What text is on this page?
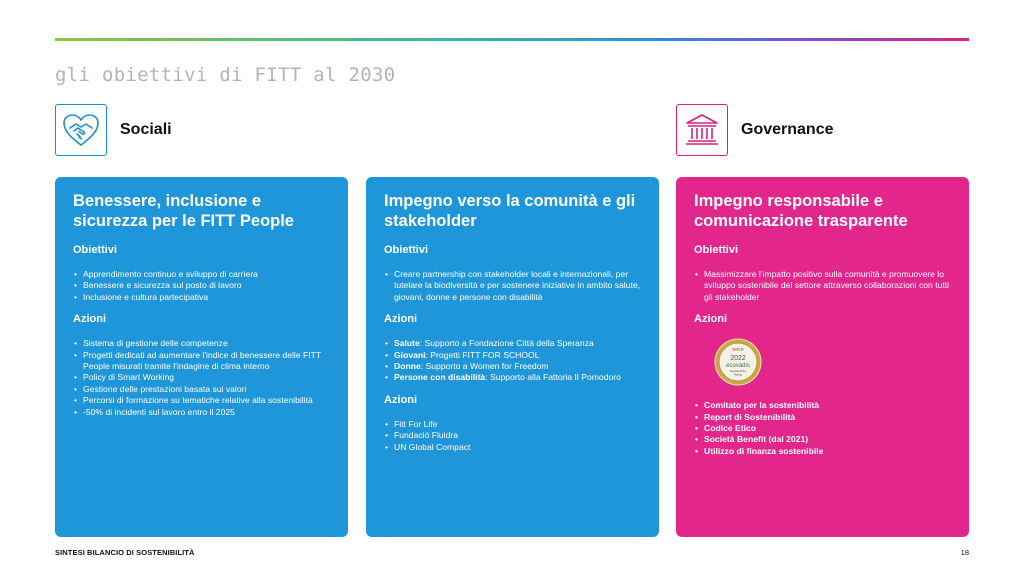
gli obiettivi di FITT al 2030
Sociali	Governance
Benessere, inclusione e sicurezza per le FITT People
Obiettivi
• Apprendimento continuo e sviluppo di carriera
• Benessere e sicurezza sul posto di lavoro
• Inclusione e cultura partecipativa
Azioni
• Sistema di gestione delle competenze
• Progetti dedicati ad aumentare l'indice di benessere delle FITT People misurati tramite l'indagine di clima interno
• Policy di Smart Working
• Gestione delle prestazioni basata sui valori
• Percorsi di formazione su tematiche relative alla sostenibilità
• -50% di incidenti sul lavoro entro il 2025
Impegno verso la comunità e gli stakeholder
Obiettivi
• Creare partnership con stakeholder locali e internazionali, per tutelare la biodiversità e per sostenere iniziative in ambito salute, giovani, donne e persone con disabilità
Azioni
• Salute: Supporto a Fondazione Città della Speranza
• Giovani: Progetti FITT FOR SCHOOL
• Donne: Supporto a Women for Freedom
• Persone con disabilità: Supporto alla Fattoria Il Pomodoro
Azioni
• Fitt For Life
• Fundació Fluidra
• UN Global Compact
Impegno responsabile e comunicazione trasparente
Obiettivi
• Massimizzare l'impatto positivo sulla comunità e promuovere lo sviluppo sostenibile del settore attraverso collaborazioni con tutti gli stakeholder
Azioni
GOLD
2022
ecovadis
Sustainability
Rating
• Comitato per la sostenibilità
• Report di Sostenibilità
• Codice Etico
• Società Benefit (dal 2021)
• Utilizzo di finanza sostenibile
SINTESI BILANCIO DI SOSTENIBILITÀ	18
